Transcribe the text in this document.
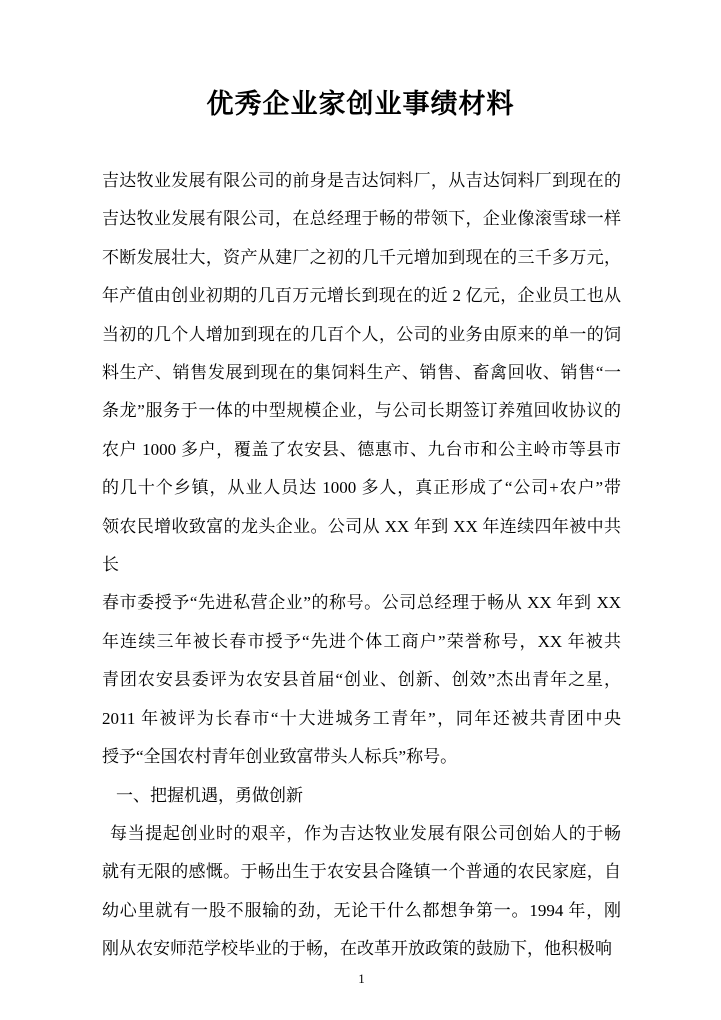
优秀企业家创业事绩材料
吉达牧业发展有限公司的前身是吉达饲料厂，从吉达饲料厂到现在的
吉达牧业发展有限公司，在总经理于畅的带领下，企业像滚雪球一样
不断发展壮大，资产从建厂之初的几千元增加到现在的三千多万元，
年产值由创业初期的几百万元增长到现在的近 2 亿元，企业员工也从
当初的几个人增加到现在的几百个人，公司的业务由原来的单一的饲
料生产、销售发展到现在的集饲料生产、销售、畜禽回收、销售“一
条龙”服务于一体的中型规模企业，与公司长期签订养殖回收协议的
农户 1000 多户，覆盖了农安县、德惠市、九台市和公主岭市等县市
的几十个乡镇，从业人员达 1000 多人，真正形成了“公司+农户”带
领农民增收致富的龙头企业。公司从 XX 年到 XX 年连续四年被中共长
春市委授予“先进私营企业”的称号。公司总经理于畅从 XX 年到 XX
年连续三年被长春市授予“先进个体工商户”荣誉称号，XX 年被共
青团农安县委评为农安县首届“创业、创新、创效”杰出青年之星，
2011 年被评为长春市“十大进城务工青年”，同年还被共青团中央
授予“全国农村青年创业致富带头人标兵”称号。
一、把握机遇，勇做创新
每当提起创业时的艰辛，作为吉达牧业发展有限公司创始人的于畅
就有无限的感慨。于畅出生于农安县合隆镇一个普通的农民家庭，自
幼心里就有一股不服输的劲，无论干什么都想争第一。1994 年，刚
刚从农安师范学校毕业的于畅，在改革开放政策的鼓励下，他积极响
1
